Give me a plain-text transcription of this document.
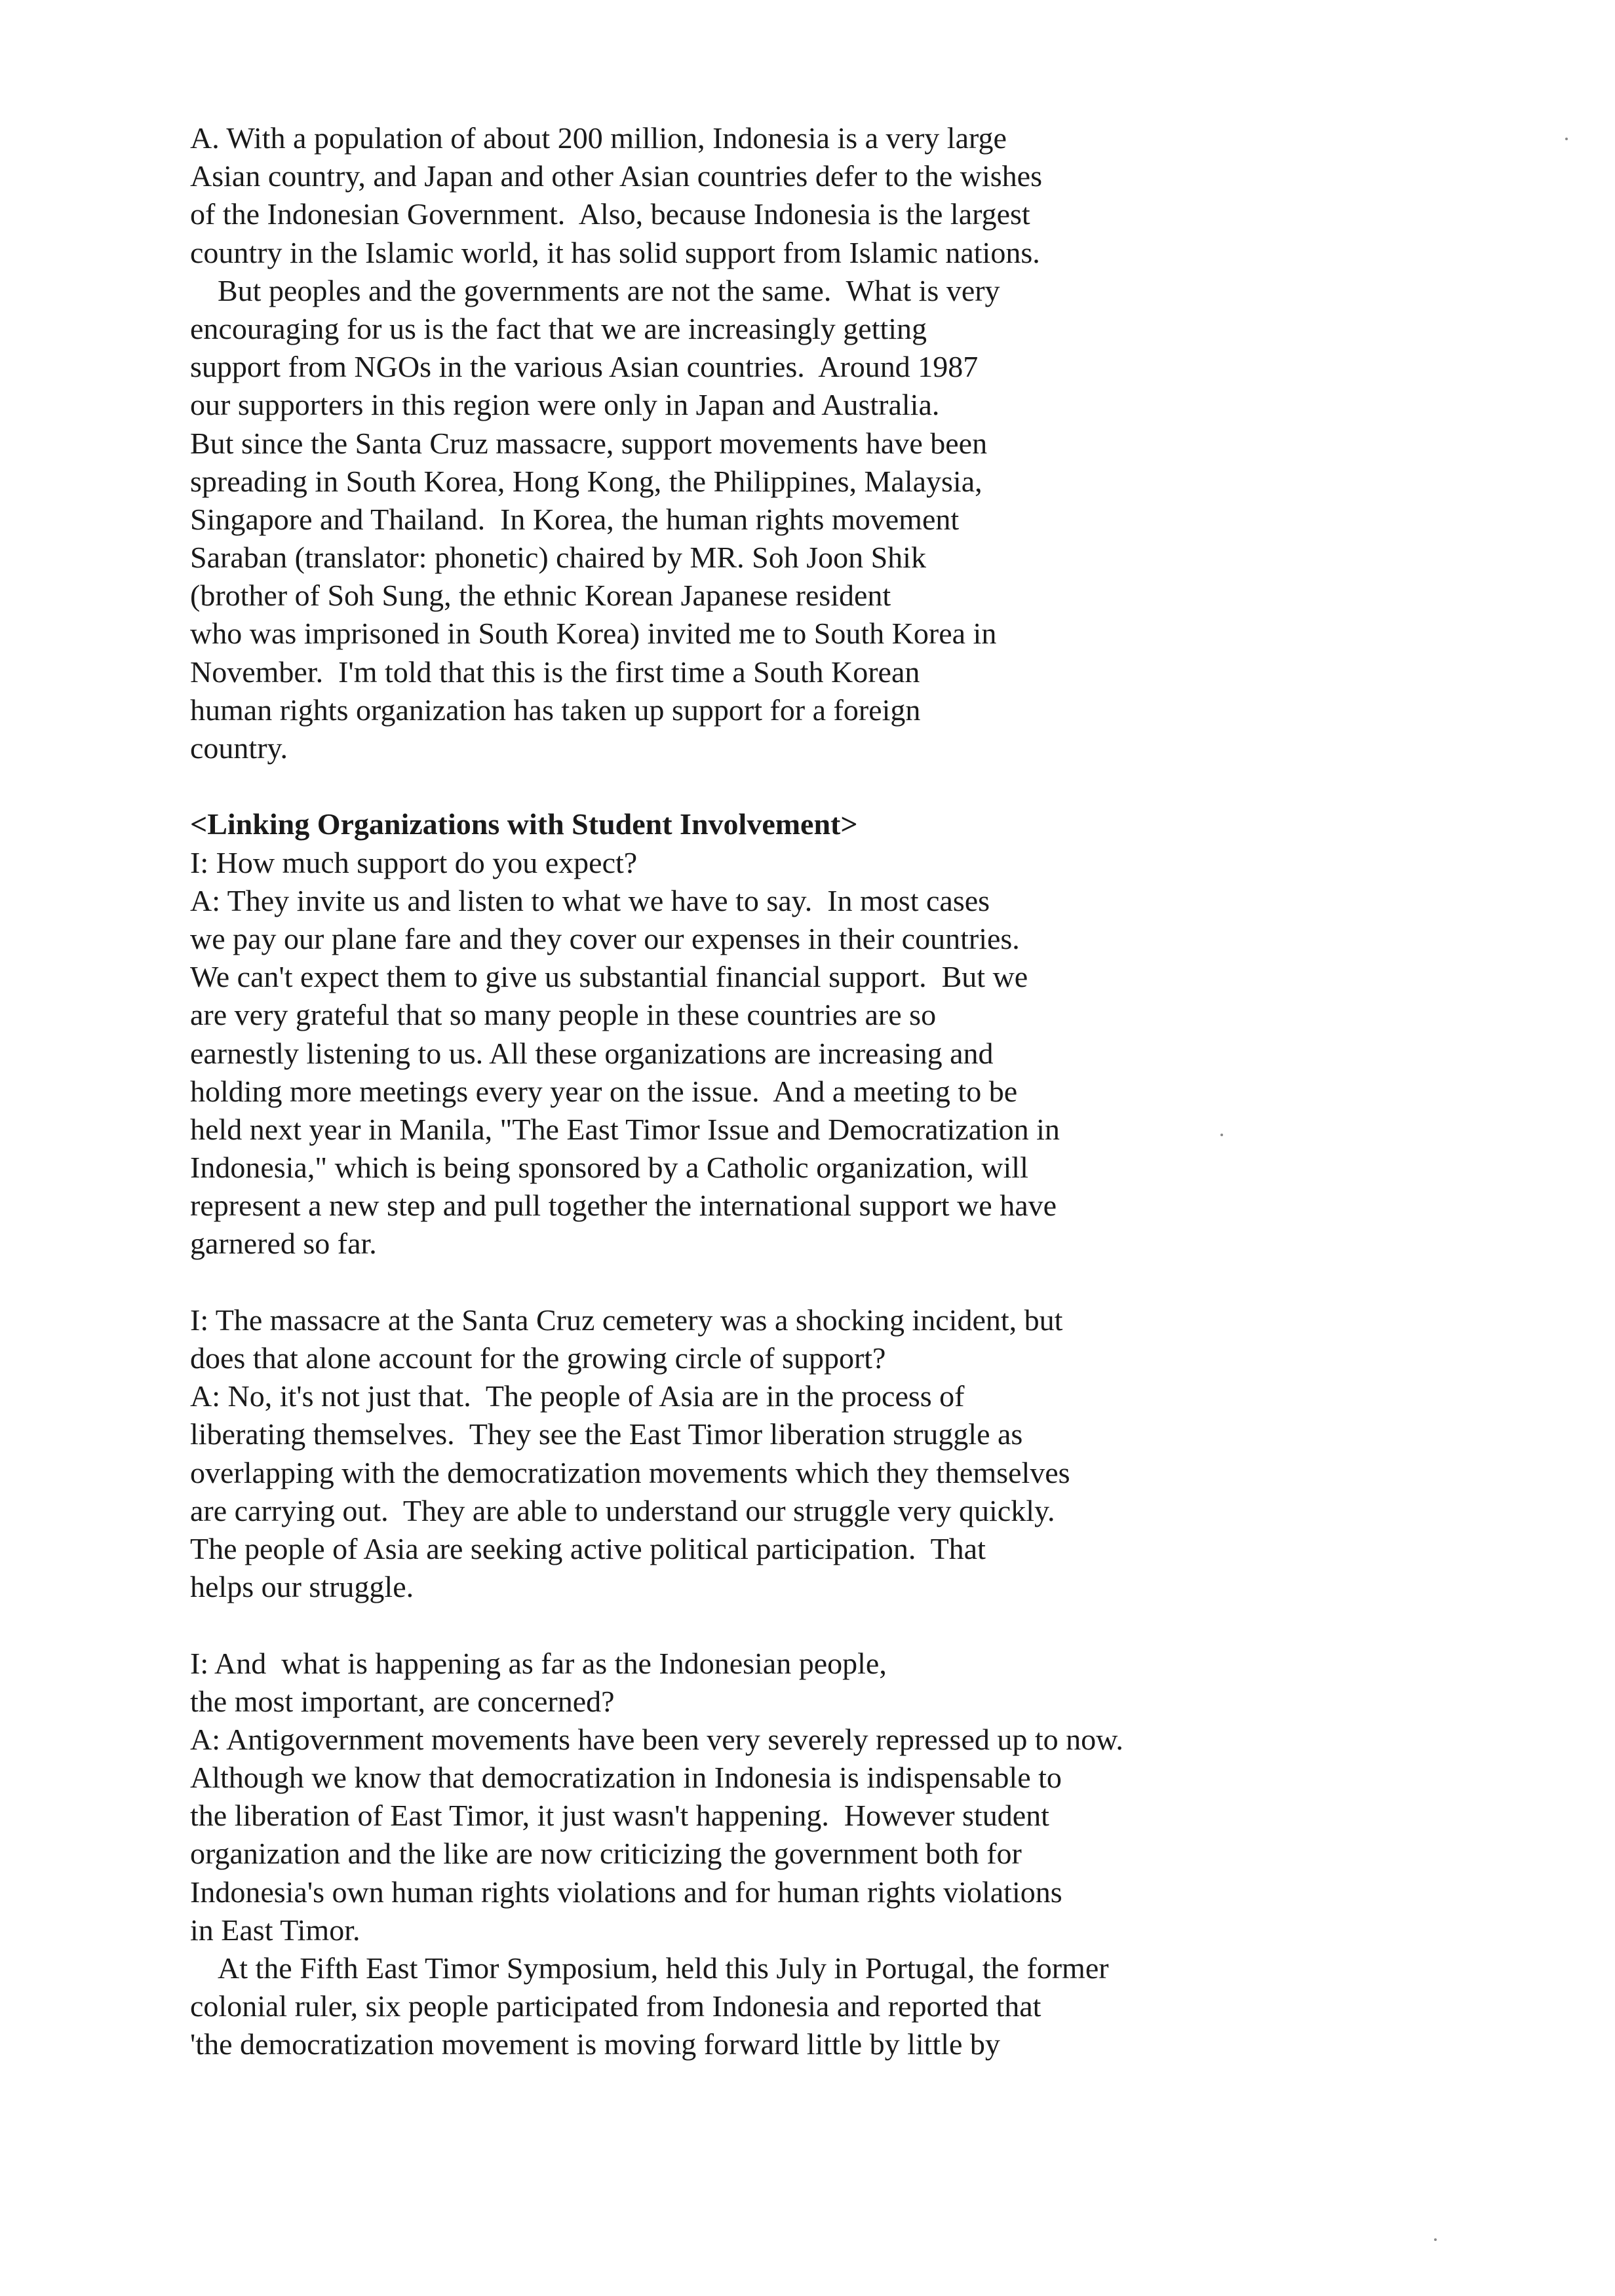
A. With a population of about 200 million, Indonesia is a very large
Asian country, and Japan and other Asian countries defer to the wishes
of the Indonesian Government.  Also, because Indonesia is the largest
country in the Islamic world, it has solid support from Islamic nations.
But peoples and the governments are not the same.  What is very
encouraging for us is the fact that we are increasingly getting
support from NGOs in the various Asian countries.  Around 1987
our supporters in this region were only in Japan and Australia.
But since the Santa Cruz massacre, support movements have been
spreading in South Korea, Hong Kong, the Philippines, Malaysia,
Singapore and Thailand.  In Korea, the human rights movement
Saraban (translator: phonetic) chaired by MR. Soh Joon Shik
(brother of Soh Sung, the ethnic Korean Japanese resident
who was imprisoned in South Korea) invited me to South Korea in
November.  I'm told that this is the first time a South Korean
human rights organization has taken up support for a foreign
country.
<Linking Organizations with Student Involvement>
I: How much support do you expect?
A: They invite us and listen to what we have to say.  In most cases
we pay our plane fare and they cover our expenses in their countries.
We can't expect them to give us substantial financial support.  But we
are very grateful that so many people in these countries are so
earnestly listening to us. All these organizations are increasing and
holding more meetings every year on the issue.  And a meeting to be
held next year in Manila, "The East Timor Issue and Democratization in
Indonesia," which is being sponsored by a Catholic organization, will
represent a new step and pull together the international support we have
garnered so far.
I: The massacre at the Santa Cruz cemetery was a shocking incident, but
does that alone account for the growing circle of support?
A: No, it's not just that.  The people of Asia are in the process of
liberating themselves.  They see the East Timor liberation struggle as
overlapping with the democratization movements which they themselves
are carrying out.  They are able to understand our struggle very quickly.
The people of Asia are seeking active political participation.  That
helps our struggle.
I: And  what is happening as far as the Indonesian people,
the most important, are concerned?
A: Antigovernment movements have been very severely repressed up to now.
Although we know that democratization in Indonesia is indispensable to
the liberation of East Timor, it just wasn't happening.  However student
organization and the like are now criticizing the government both for
Indonesia's own human rights violations and for human rights violations
in East Timor.
At the Fifth East Timor Symposium, held this July in Portugal, the former
colonial ruler, six people participated from Indonesia and reported that
'the democratization movement is moving forward little by little by
